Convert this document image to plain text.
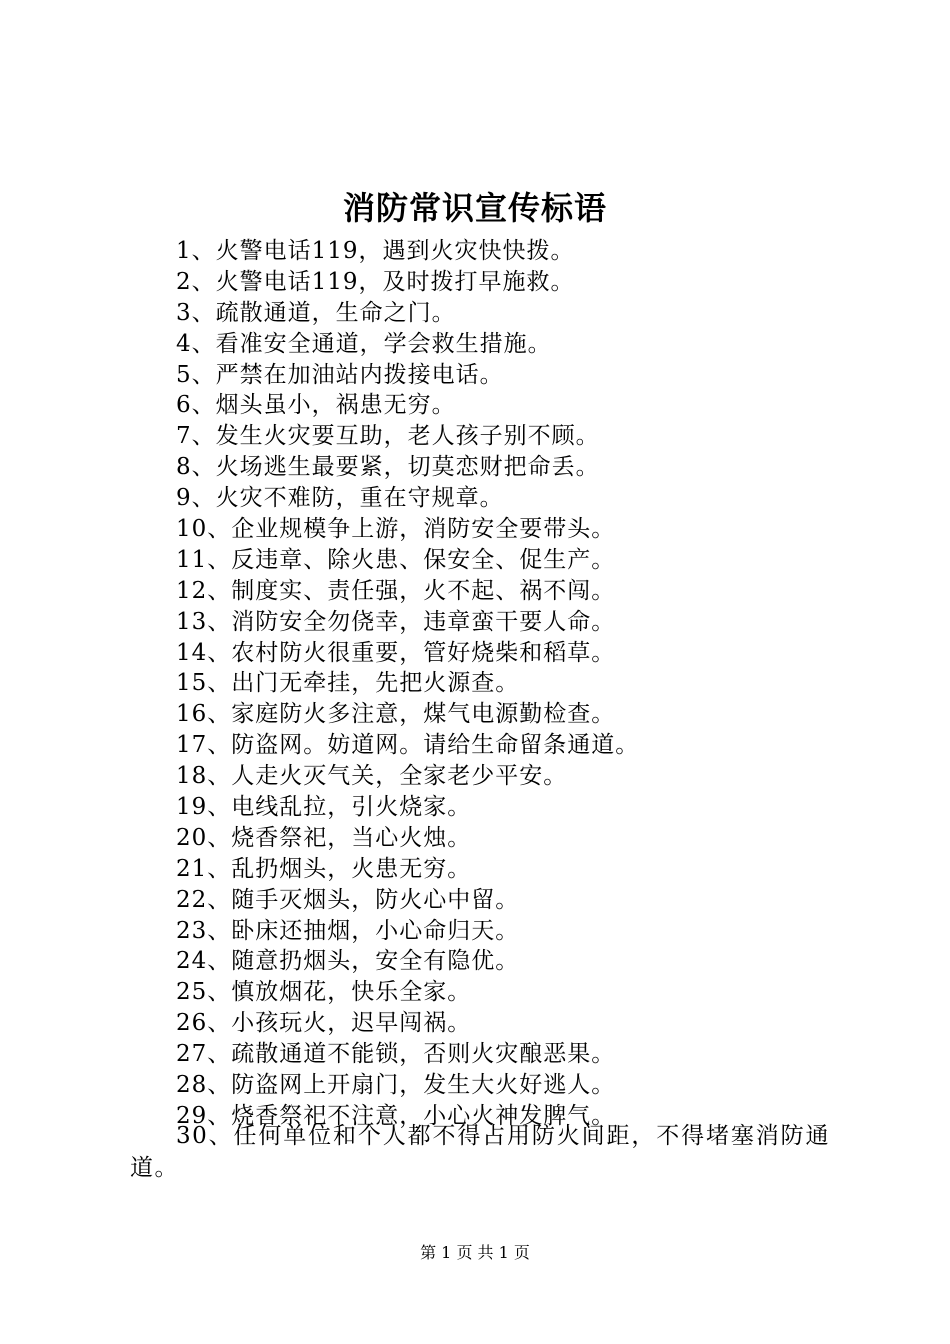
消防常识宣传标语
1、火警电话119，遇到火灾快快拨。
2、火警电话119，及时拨打早施救。
3、疏散通道，生命之门。
4、看准安全通道，学会救生措施。
5、严禁在加油站内拨接电话。
6、烟头虽小，祸患无穷。
7、发生火灾要互助，老人孩子别不顾。
8、火场逃生最要紧，切莫恋财把命丢。
9、火灾不难防，重在守规章。
10、企业规模争上游，消防安全要带头。
11、反违章、除火患、保安全、促生产。
12、制度实、责任强，火不起、祸不闯。
13、消防安全勿侥幸，违章蛮干要人命。
14、农村防火很重要，管好烧柴和稻草。
15、出门无牵挂，先把火源查。
16、家庭防火多注意，煤气电源勤检查。
17、防盗网。妨道网。请给生命留条通道。
18、人走火灭气关，全家老少平安。
19、电线乱拉，引火烧家。
20、烧香祭祀，当心火烛。
21、乱扔烟头，火患无穷。
22、随手灭烟头，防火心中留。
23、卧床还抽烟，小心命归天。
24、随意扔烟头，安全有隐优。
25、慎放烟花，快乐全家。
26、小孩玩火，迟早闯祸。
27、疏散通道不能锁，否则火灾酿恶果。
28、防盗网上开扇门，发生大火好逃人。
29、烧香祭祀不注意，小心火神发脾气。

30、任何单位和个人都不得占用防火间距，不得堵塞消防通道。

第 1 页 共 1 页
